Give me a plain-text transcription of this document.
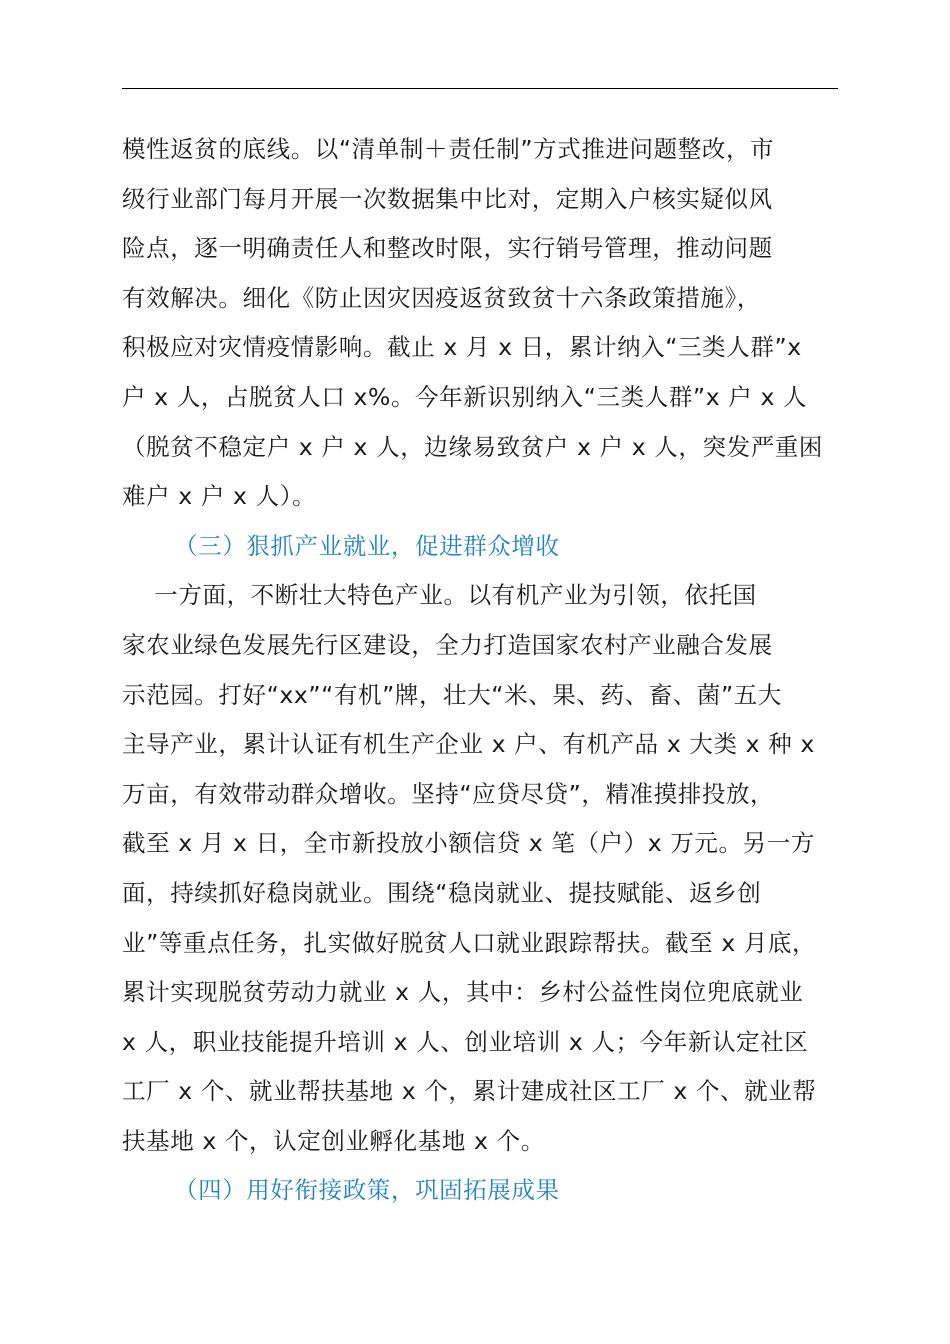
模性返贫的底线。以“清单制＋责任制”方式推进问题整改，市
级行业部门每月开展一次数据集中比对，定期入户核实疑似风
险点，逐一明确责任人和整改时限，实行销号管理，推动问题
有效解决。细化《防止因灾因疫返贫致贫十六条政策措施》，
积极应对灾情疫情影响。截止 x 月 x 日，累计纳入“三类人群”x
户 x 人，占脱贫人口 x%。今年新识别纳入“三类人群”x 户 x 人
（脱贫不稳定户 x 户 x 人，边缘易致贫户 x 户 x 人，突发严重困
难户 x 户 x 人）。
（三）狠抓产业就业，促进群众增收
一方面，不断壮大特色产业。以有机产业为引领，依托国
家农业绿色发展先行区建设，全力打造国家农村产业融合发展
示范园。打好“xx”“有机”牌，壮大“米、果、药、畜、菌”五大
主导产业，累计认证有机生产企业 x 户、有机产品 x 大类 x 种 x
万亩，有效带动群众增收。坚持“应贷尽贷”，精准摸排投放，
截至 x 月 x 日，全市新投放小额信贷 x 笔（户）x 万元。另一方
面，持续抓好稳岗就业。围绕“稳岗就业、提技赋能、返乡创
业”等重点任务，扎实做好脱贫人口就业跟踪帮扶。截至 x 月底，
累计实现脱贫劳动力就业 x 人，其中：乡村公益性岗位兜底就业
x 人，职业技能提升培训 x 人、创业培训 x 人；今年新认定社区
工厂 x 个、就业帮扶基地 x 个，累计建成社区工厂 x 个、就业帮
扶基地 x 个，认定创业孵化基地 x 个。
（四）用好衔接政策，巩固拓展成果
